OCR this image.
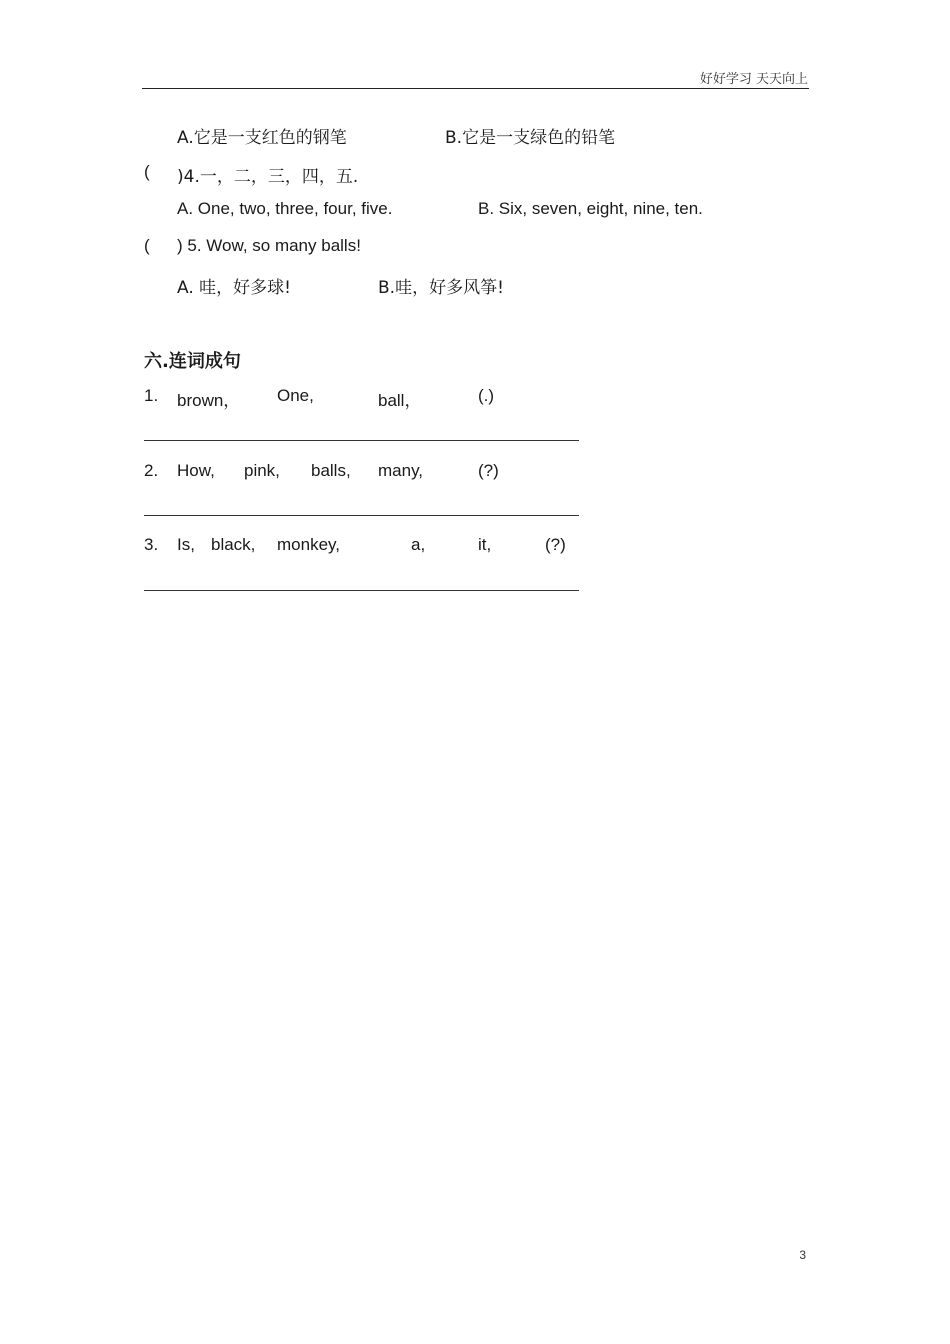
好好学习 天天向上
A.它是一支红色的钢笔	B.它是一支绿色的铅笔
( )4.一，二，三，四，五.
A. One, two, three, four, five.	B. Six, seven, eight, nine, ten.
( ) 5. Wow, so many balls!
A. 哇，好多球!	B.哇，好多风筝!
六.连词成句
1. brown， One,	ball，	(.)
2. How, pink, balls, many,	(?)
3. Is, black, monkey,	a,	it,	(?)
3
